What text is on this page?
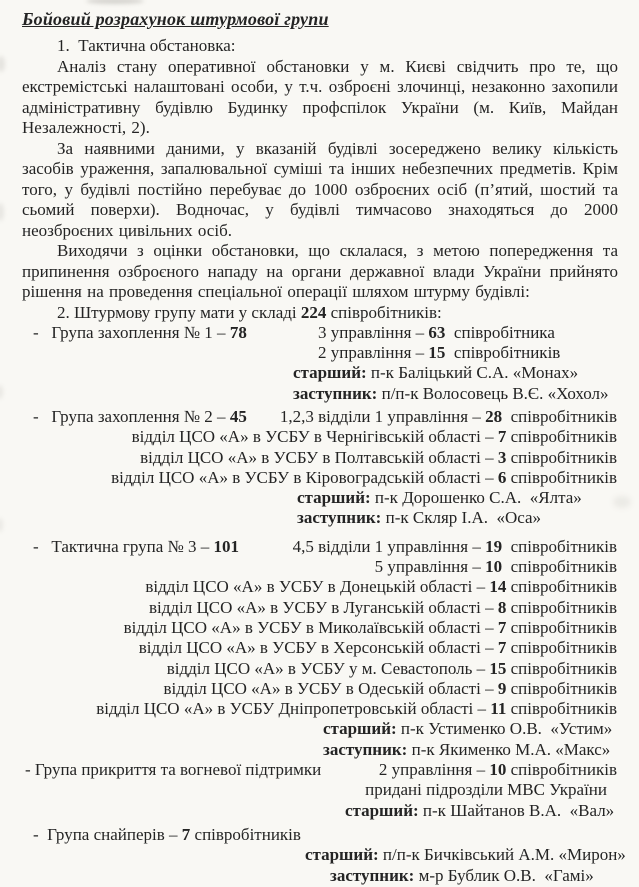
Бойовий розрахунок штурмової групи
1.  Тактична обстановка:

Аналіз стану оперативної обстановки у м. Києві свідчить про те, що екстремістські налаштовані особи, у т.ч. озброєні злочинці, незаконно захопили адміністративну будівлю Будинку профспілок України (м. Київ, Майдан Незалежності, 2).

За наявними даними, у вказаній будівлі зосереджено велику кількість засобів ураження, запалювальної суміші та інших небезпечних предметів. Крім того, у будівлі постійно перебуває до 1000 озброєних осіб (п’ятий, шостий та сьомий поверхи). Водночас, у будівлі тимчасово знаходяться до 2000 неозброєних цивільних осіб.

Виходячи з оцінки обстановки, що склалася, з метою попередження та припинення озброєного нападу на органи державної влади України прийнято рішення на проведення спеціальної операції шляхом штурму будівлі:

2. Штурмову групу мати у складі 224 співробітників:
-   Група захоплення № 1 – 78	3 управління – 63  співробітника
2 управління – 15  співробітників
старший: п-к Баліцький С.А. «Монах»
заступник: п/п-к Волосовець В.Є. «Хохол»
-   Група захоплення № 2 – 45 1,2,3 відділи 1 управління – 28  співробітників
відділ ЦСО «А» в УСБУ в Чернігівській області – 7 співробітників
відділ ЦСО «А» в УСБУ в Полтавській області – 3 співробітників
відділ ЦСО «А» в УСБУ в Кіровоградській області – 6 співробітників
старший: п-к Дорошенко С.А.  «Ялта»
заступник: п-к Скляр І.А.  «Оса»
-   Тактична група № 3 – 101	4,5 відділи 1 управління – 19  співробітників
5 управління – 10  співробітників
відділ ЦСО «А» в УСБУ в Донецькій області – 14 співробітників
відділ ЦСО «А» в УСБУ в Луганській області – 8 співробітників
відділ ЦСО «А» в УСБУ в Миколаївській області – 7 співробітників
відділ ЦСО «А» в УСБУ в Херсонській області – 7 співробітників
відділ ЦСО «А» в УСБУ у м. Севастополь – 15 співробітників
відділ ЦСО «А» в УСБУ в Одеській області – 9 співробітників
відділ ЦСО «А» в УСБУ Дніпропетровській області – 11 співробітників
старший: п-к Устименко О.В.  «Устим»
заступник: п-к Якименко М.А. «Макс»
- Група прикриття та вогневої підтримки	2 управління – 10 співробітників
придані підрозділи МВС України
старший: п-к Шайтанов В.А.  «Вал»
-  Група снайперів – 7 співробітників
старший: п/п-к Бичківський А.М. «Мирон»
заступник: м-р Бублик О.В.  «Гамі»
